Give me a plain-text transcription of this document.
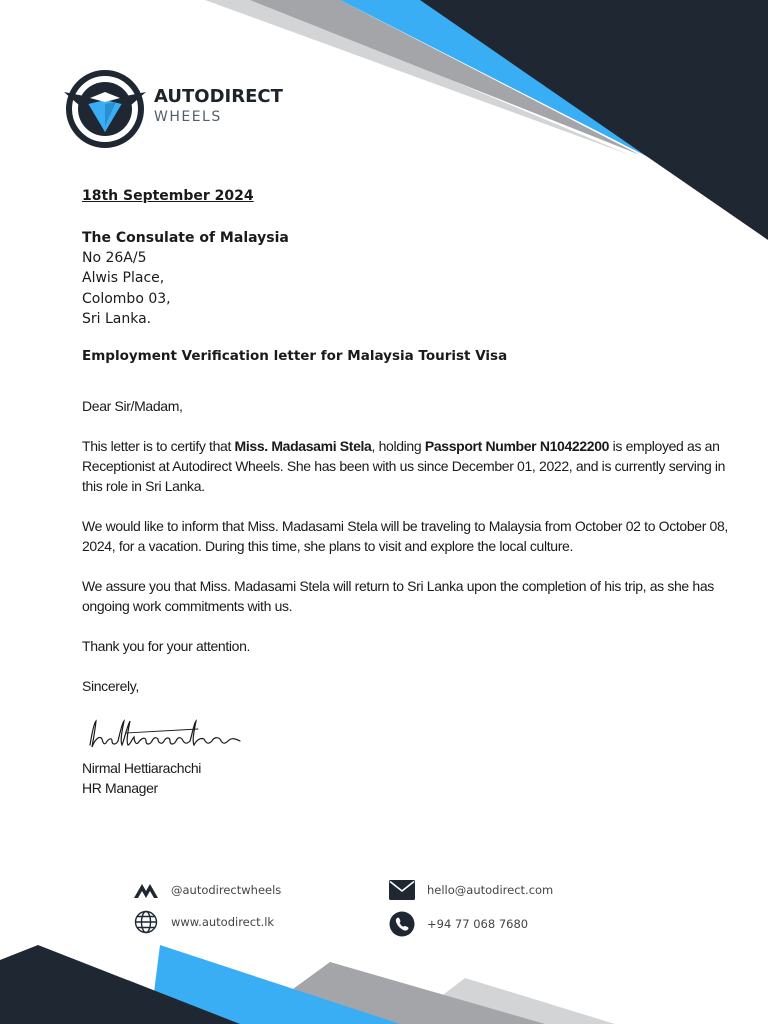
AUTODIRECT
WHEELS
18th September 2024
The Consulate of Malaysia
No 26A/5
Alwis Place,
Colombo 03,
Sri Lanka.
Employment Verification letter for Malaysia Tourist Visa

Dear Sir/Madam,

This letter is to certify that Miss. Madasami Stela, holding Passport Number N10422200 is employed as an Receptionist at Autodirect Wheels. She has been with us since December 01, 2022, and is currently serving in this role in Sri Lanka.

We would like to inform that Miss. Madasami Stela will be traveling to Malaysia from October 02 to October 08, 2024, for a vacation. During this time, she plans to visit and explore the local culture.

We assure you that Miss. Madasami Stela will return to Sri Lanka upon the completion of his trip, as she has ongoing work commitments with us.

Thank you for your attention.

Sincerely,

Nirmal Hettiarachchi
HR Manager
@autodirectwheels
www.autodirect.lk
hello@autodirect.com
+94 77 068 7680
